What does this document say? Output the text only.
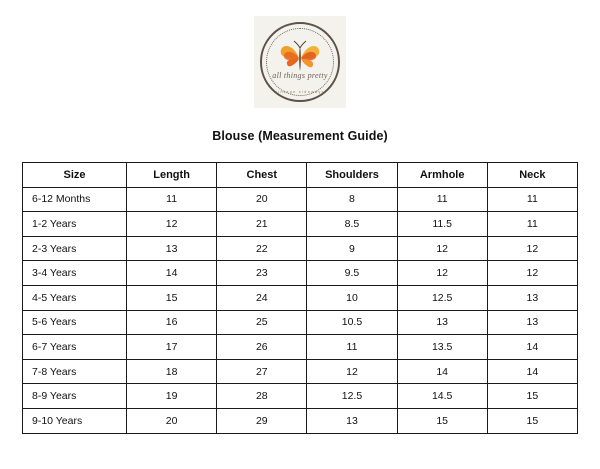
all things pretty
vintage sideways
Blouse (Measurement Guide)
Size	Length	Chest	Shoulders	Armhole	Neck
6-12 Months	11	20	8	11	11
1-2 Years	12	21	8.5	11.5	11
2-3 Years	13	22	9	12	12
3-4 Years	14	23	9.5	12	12
4-5 Years	15	24	10	12.5	13
5-6 Years	16	25	10.5	13	13
6-7 Years	17	26	11	13.5	14
7-8 Years	18	27	12	14	14
8-9 Years	19	28	12.5	14.5	15
9-10 Years	20	29	13	15	15
